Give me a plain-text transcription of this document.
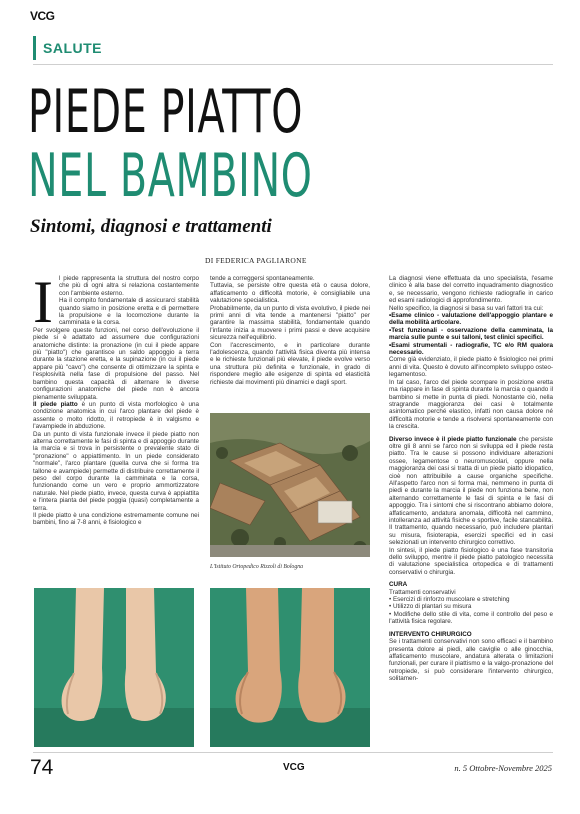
VCG
SALUTE
PIEDE PIATTO
NEL BAMBINO
Sintomi, diagnosi e trattamenti
DI FEDERICA PAGLIARONE
I l piede rappresenta la struttura del nostro corpo che più di ogni altra si relaziona costantemente con l'ambiente esterno.

Ha il compito fondamentale di assicurarci stabilità quando siamo in posizione eretta e di permettere la propulsione e la locomozione durante la camminata e la corsa.

Per svolgere queste funzioni, nel corso dell'evoluzione il piede si è adattato ad assumere due configurazioni anatomiche distinte: la pronazione (in cui il piede appare più "piatto") che garantisce un saldo appoggio a terra durante la stazione eretta, e la supinazione (in cui il piede appare più "cavo") che consente di ottimizzare la spinta e l'esplosività nella fase di propulsione del passo. Nel bambino questa capacità di alternare le diverse configurazioni anatomiche del piede non è ancora pienamente sviluppata.

Il piede piatto è un punto di vista morfologico è una condizione anatomica in cui l'arco plantare del piede è assente o molto ridotto, il retropiede è in valgismo e l'avampiede in abduzione.

Da un punto di vista funzionale invece il piede piatto non alterna correttamente le fasi di spinta e di appoggio durante la marcia e si trova in persistente o prevalente stato di "pronazione" o appiattimento. In un piede considerato "normale", l'arco plantare (quella curva che si forma tra tallone e avampiede) permette di distribuire correttamente il peso del corpo durante la camminata e la corsa, funzionando come un vero e proprio ammortizzatore naturale. Nel piede piatto, invece, questa curva è appiattita e l'intera pianta del piede poggia (quasi) completamente a terra.

Il piede piatto è una condizione estremamente comune nei bambini, fino ai 7-8 anni, è fisiologico e

tende a correggersi spontaneamente.

Tuttavia, se persiste oltre questa età o causa dolore, affaticamento o difficoltà motorie, è consigliabile una valutazione specialistica.

Probabilmente, da un punto di vista evolutivo, il piede nei primi anni di vita tende a mantenersi "piatto" per garantire la massima stabilità, fondamentale quando l'infante inizia a muovere i primi passi e deve acquisire sicurezza nell'equilibrio.

Con l'accrescimento, e in particolare durante l'adolescenza, quando l'attività fisica diventa più intensa e le richieste funzionali più elevate, il piede evolve verso una struttura più definita e funzionale, in grado di rispondere meglio alle esigenze di spinta ed elasticità richieste dai movimenti più dinamici e dagli sport.

L'Istituto Ortopedico Rizzoli di Bologna

La diagnosi viene effettuata da uno specialista, l'esame clinico è alla base del corretto inquadramento diagnostico e, se necessario, vengono richieste radiografie in carico ed esami radiologici di approfondimento.

Nello specifico, la diagnosi si basa su vari fattori tra cui:

•Esame clinico - valutazione dell'appoggio plantare e della mobilità articolare.

•Test funzionali - osservazione della camminata, la marcia sulle punte e sui talloni, test clinici specifici.

•Esami strumentali - radiografie, TC e/o RM qualora necessario.

Come già evidenziato, il piede piatto è fisiologico nei primi anni di vita. Questo è dovuto all'incompleto sviluppo osteo-legamentoso.

In tal caso, l'arco del piede scompare in posizione eretta ma riappare in fase di spinta durante la marcia o quando il bambino si mette in punta di piedi. Nonostante ciò, nella stragrande maggioranza dei casi è totalmente asintomatico perché elastico, infatti non causa dolore né difficoltà motorie e tende a risolversi spontaneamente con la crescita.

Diverso invece è il piede piatto funzionale che persiste oltre gli 8 anni se l'arco non si sviluppa ed il piede resta piatto. Tra le cause si possono individuare alterazioni ossee, legamentose o neuromuscolari, oppure nella maggioranza dei casi si tratta di un piede piatto idiopatico, cioè non attribuibile a cause organiche specifiche. All'aspetto l'arco non si forma mai, nemmeno in punta di piedi e durante la marcia il piede non funziona bene, non alternando correttamente le fasi di spinta e le fasi di appoggio. Tra i sintomi che si riscontrano abbiamo dolore, affaticamento, andatura anomala, difficoltà nel cammino, intolleranza ad attività fisiche e sportive, facile stancabilità. Il trattamento, quando necessario, può includere plantari su misura, fisioterapia, esercizi specifici ed in casi selezionati un intervento chirurgico correttivo.

In sintesi, il piede piatto fisiologico è una fase transitoria dello sviluppo, mentre il piede piatto patologico necessita di valutazione specialistica ortopedica e di trattamenti conservativi o chirurgia.

CURA

Trattamenti conservativi

• Esercizi di rinforzo muscolare e stretching
• Utilizzo di plantari su misura
• Modifiche dello stile di vita, come il controllo del peso e l'attività fisica regolare.

INTERVENTO CHIRURGICO

Se i trattamenti conservativi non sono efficaci e il bambino presenta dolore ai piedi, alle caviglie o alle ginocchia, affaticamento muscolare, andatura alterata o limitazioni funzionali, per curare il piattismo e la valgo-pronazione del retropiede, si può considerare l'intervento chirurgico, solitamen-

74	VCG	n. 5 Ottobre-Novembre 2025
